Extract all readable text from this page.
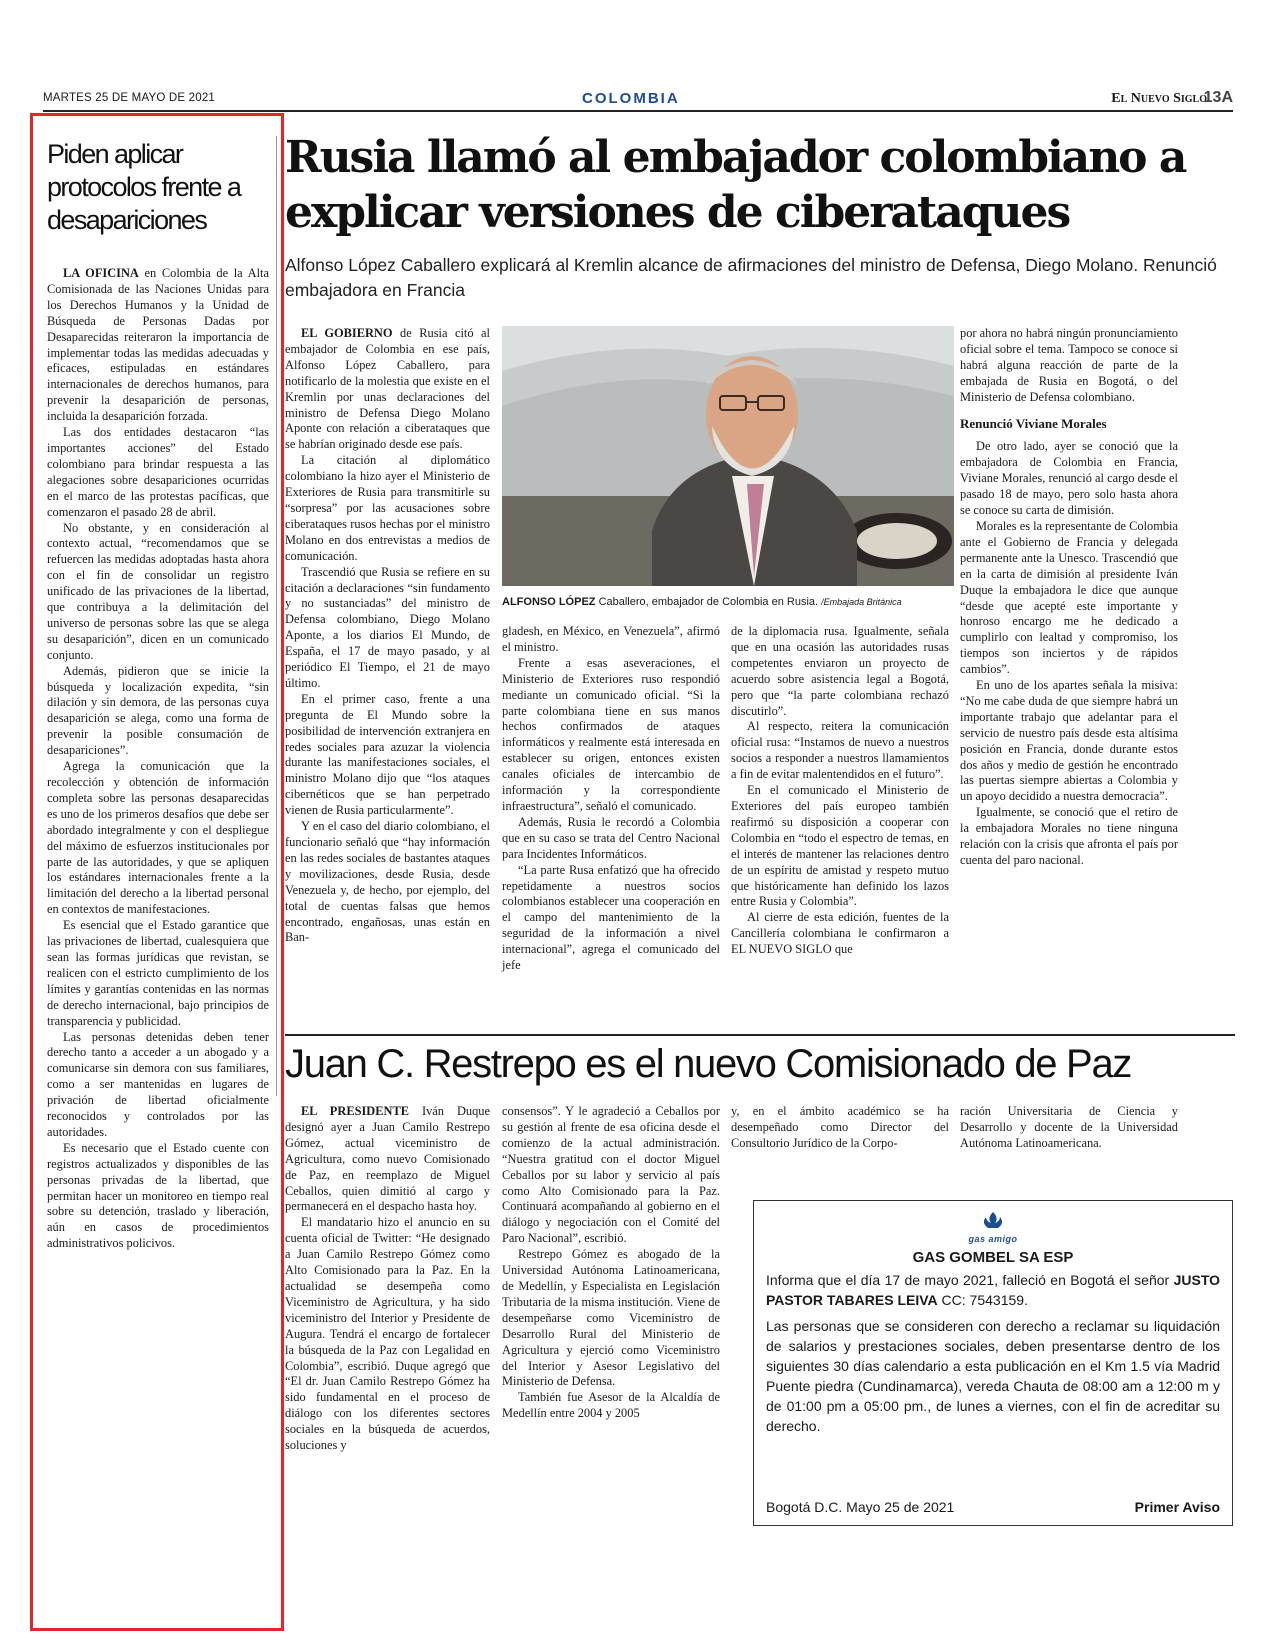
MARTES 25 DE MAYO DE 2021	COLOMBIA	El Nuevo Siglo
13A
Piden aplicar protocolos frente a desapariciones

LA OFICINA en Colombia de la Alta Comisionada de las Naciones Unidas para los Derechos Humanos y la Unidad de Búsqueda de Personas Dadas por Desaparecidas reiteraron la importancia de implementar todas las medidas adecuadas y eficaces, estipuladas en estándares internacionales de derechos humanos, para prevenir la desaparición de personas, incluida la desaparición forzada.

Las dos entidades destacaron “las importantes acciones” del Estado colombiano para brindar respuesta a las alegaciones sobre desapariciones ocurridas en el marco de las protestas pacíficas, que comenzaron el pasado 28 de abril.

No obstante, y en consideración al contexto actual, “recomendamos que se refuercen las medidas adoptadas hasta ahora con el fin de consolidar un registro unificado de las privaciones de la libertad, que contribuya a la delimitación del universo de personas sobre las que se alega su desaparición”, dicen en un comunicado conjunto.

Además, pidieron que se inicie la búsqueda y localización expedita, “sin dilación y sin demora, de las personas cuya desaparición se alega, como una forma de prevenir la posible consumación de desapariciones”.

Agrega la comunicación que la recolección y obtención de información completa sobre las personas desaparecidas es uno de los primeros desafíos que debe ser abordado integralmente y con el despliegue del máximo de esfuerzos institucionales por parte de las autoridades, y que se apliquen los estándares internacionales frente a la limitación del derecho a la libertad personal en contextos de manifestaciones.

Es esencial que el Estado garantice que las privaciones de libertad, cualesquiera que sean las formas jurídicas que revistan, se realicen con el estricto cumplimiento de los límites y garantías contenidas en las normas de derecho internacional, bajo principios de transparencia y publicidad.

Las personas detenidas deben tener derecho tanto a acceder a un abogado y a comunicarse sin demora con sus familiares, como a ser mantenidas en lugares de privación de libertad oficialmente reconocidos y controlados por las autoridades.

Es necesario que el Estado cuente con registros actualizados y disponibles de las personas privadas de la libertad, que permitan hacer un monitoreo en tiempo real sobre su detención, traslado y liberación, aún en casos de procedimientos administrativos policivos.

Rusia llamó al embajador colombiano a explicar versiones de ciberataques
Alfonso López Caballero explicará al Kremlin alcance de afirmaciones del ministro de Defensa, Diego Molano. Renunció embajadora en Francia

EL GOBIERNO de Rusia citó al embajador de Colombia en ese país, Alfonso López Caballero, para notificarlo de la molestia que existe en el Kremlin por unas declaraciones del ministro de Defensa Diego Molano Aponte con relación a ciberataques que se habrían originado desde ese país.

La citación al diplomático colombiano la hizo ayer el Ministerio de Exteriores de Rusia para transmitirle su “sorpresa” por las acusaciones sobre ciberataques rusos hechas por el ministro Molano en dos entrevistas a medios de comunicación.

Trascendió que Rusia se refiere en su citación a declaraciones “sin fundamento y no sustanciadas” del ministro de Defensa colombiano, Diego Molano Aponte, a los diarios El Mundo, de España, el 17 de mayo pasado, y al periódico El Tiempo, el 21 de mayo último.

En el primer caso, frente a una pregunta de El Mundo sobre la posibilidad de intervención extranjera en redes sociales para azuzar la violencia durante las manifestaciones sociales, el ministro Molano dijo que “los ataques cibernéticos que se han perpetrado vienen de Rusia particularmente”.

Y en el caso del diario colombiano, el funcionario señaló que “hay información en las redes sociales de bastantes ataques y movilizaciones, desde Rusia, desde Venezuela y, de hecho, por ejemplo, del total de cuentas falsas que hemos encontrado, engañosas, unas están en Ban-

ALFONSO LÓPEZ Caballero, embajador de Colombia en Rusia. /Embajada Británica

gladesh, en México, en Venezuela”, afirmó el ministro.

Frente a esas aseveraciones, el Ministerio de Exteriores ruso respondió mediante un comunicado oficial. “Si la parte colombiana tiene en sus manos hechos confirmados de ataques informáticos y realmente está interesada en establecer su origen, entonces existen canales oficiales de intercambio de información y la correspondiente infraestructura”, señaló el comunicado.

Además, Rusia le recordó a Colombia que en su caso se trata del Centro Nacional para Incidentes Informáticos.

“La parte Rusa enfatizó que ha ofrecido repetidamente a nuestros socios colombianos establecer una cooperación en el campo del mantenimiento de la seguridad de la información a nivel internacional”, agrega el comunicado del jefe

de la diplomacia rusa. Igualmente, señala que en una ocasión las autoridades rusas competentes enviaron un proyecto de acuerdo sobre asistencia legal a Bogotá, pero que “la parte colombiana rechazó discutirlo”.

Al respecto, reitera la comunicación oficial rusa: “Instamos de nuevo a nuestros socios a responder a nuestros llamamientos a fin de evitar malentendidos en el futuro”.

En el comunicado el Ministerio de Exteriores del país europeo también reafirmó su disposición a cooperar con Colombia en “todo el espectro de temas, en el interés de mantener las relaciones dentro de un espíritu de amistad y respeto mutuo que históricamente han definido los lazos entre Rusia y Colombia”.

Al cierre de esta edición, fuentes de la Cancillería colombiana le confirmaron a EL NUEVO SIGLO que

por ahora no habrá ningún pronunciamiento oficial sobre el tema. Tampoco se conoce si habrá alguna reacción de parte de la embajada de Rusia en Bogotá, o del Ministerio de Defensa colombiano.

Renunció Viviane Morales

De otro lado, ayer se conoció que la embajadora de Colombia en Francia, Viviane Morales, renunció al cargo desde el pasado 18 de mayo, pero solo hasta ahora se conoce su carta de dimisión.

Morales es la representante de Colombia ante el Gobierno de Francia y delegada permanente ante la Unesco. Trascendió que en la carta de dimisión al presidente Iván Duque la embajadora le dice que aunque “desde que acepté este importante y honroso encargo me he dedicado a cumplirlo con lealtad y compromiso, los tiempos son inciertos y de rápidos cambios”.

En uno de los apartes señala la misiva: “No me cabe duda de que siempre habrá un importante trabajo que adelantar para el servicio de nuestro país desde esta altísima posición en Francia, donde durante estos dos años y medio de gestión he encontrado las puertas siempre abiertas a Colombia y un apoyo decidido a nuestra democracia”.

Igualmente, se conoció que el retiro de la embajadora Morales no tiene ninguna relación con la crisis que afronta el país por cuenta del paro nacional.

Juan C. Restrepo es el nuevo Comisionado de Paz

EL PRESIDENTE Iván Duque designó ayer a Juan Camilo Restrepo Gómez, actual viceministro de Agricultura, como nuevo Comisionado de Paz, en reemplazo de Miguel Ceballos, quien dimitió al cargo y permanecerá en el despacho hasta hoy.

El mandatario hizo el anuncio en su cuenta oficial de Twitter: “He designado a Juan Camilo Restrepo Gómez como Alto Comisionado para la Paz. En la actualidad se desempeña como Viceministro de Agricultura, y ha sido viceministro del Interior y Presidente de Augura. Tendrá el encargo de fortalecer la búsqueda de la Paz con Legalidad en Colombia”, escribió. Duque agregó que “El dr. Juan Camilo Restrepo Gómez ha sido fundamental en el proceso de diálogo con los diferentes sectores sociales en la búsqueda de acuerdos, soluciones y

consensos”. Y le agradeció a Ceballos por su gestión al frente de esa oficina desde el comienzo de la actual administración. “Nuestra gratitud con el doctor Miguel Ceballos por su labor y servicio al país como Alto Comisionado para la Paz. Continuará acompañando al gobierno en el diálogo y negociación con el Comité del Paro Nacional”, escribió.

Restrepo Gómez es abogado de la Universidad Autónoma Latinoamericana, de Medellín, y Especialista en Legislación Tributaria de la misma institución. Viene de desempeñarse como Viceministro de Desarrollo Rural del Ministerio de Agricultura y ejerció como Viceministro del Interior y Asesor Legislativo del Ministerio de Defensa.

También fue Asesor de la Alcaldía de Medellín entre 2004 y 2005

y, en el ámbito académico se ha desempeñado como Director del Consultorio Jurídico de la Corpo-

ración Universitaria de Ciencia y Desarrollo y docente de la Universidad Autónoma Latinoamericana.

gas amigo
GAS GOMBEL SA ESP
Informa que el día 17 de mayo 2021, falleció en Bogotá el señor JUSTO PASTOR TABARES LEIVA CC: 7543159.
Las personas que se consideren con derecho a reclamar su liquidación de salarios y prestaciones sociales, deben presentarse dentro de los siguientes 30 días calendario a esta publicación en el Km 1.5 vía Madrid Puente piedra (Cundinamarca), vereda Chauta de 08:00 am a 12:00 m y de 01:00 pm a 05:00 pm., de lunes a viernes, con el fin de acreditar su derecho.
Bogotá D.C. Mayo 25 de 2021	Primer Aviso
